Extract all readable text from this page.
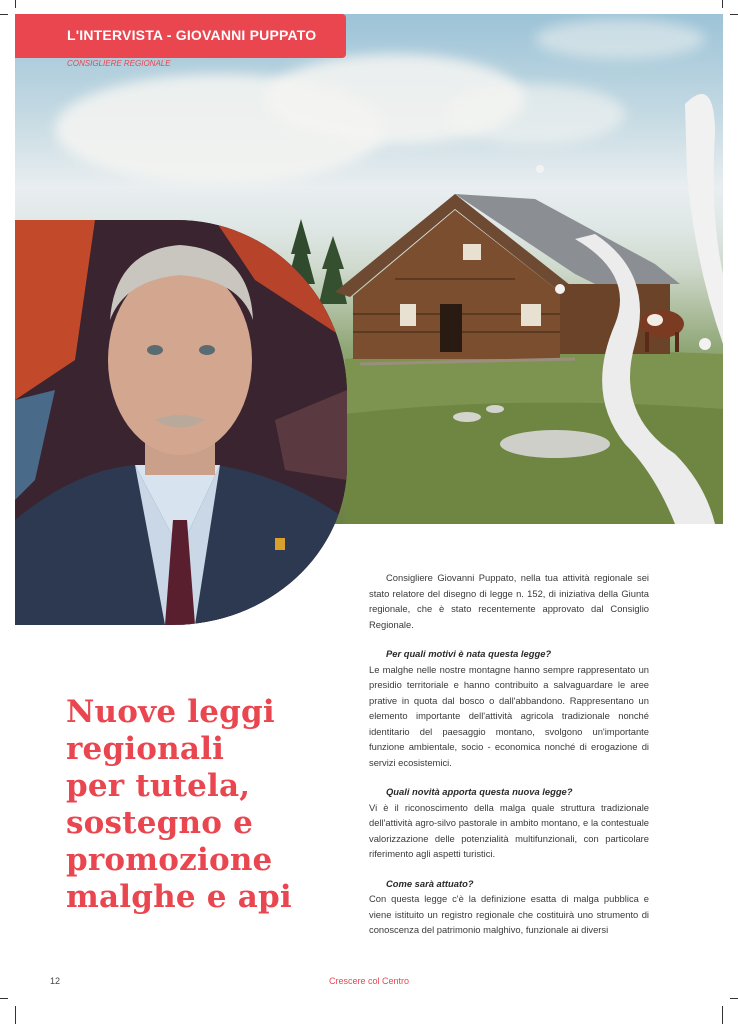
L'INTERVISTA - GIOVANNI PUPPATO
CONSIGLIERE REGIONALE
Nuove leggi
regionali
per tutela,
sostegno e
promozione
malghe e api

Consigliere Giovanni Puppato, nella tua attività regionale sei stato relatore del disegno di legge n. 152, di iniziativa della Giunta regionale, che è stato recentemente approvato dal Consiglio Regionale.

Per quali motivi è nata questa legge?

Le malghe nelle nostre montagne hanno sempre rappresentato un presidio territoriale e hanno contribuito a salvaguardare le aree prative in quota dal bosco o dall'abbandono. Rappresentano un elemento importante dell'attività agricola tradizionale nonché identitario del paesaggio montano, svolgono un'importante funzione ambientale, socio - economica nonché di erogazione di servizi ecosistemici.

Quali novità apporta questa nuova legge?

Vi è il riconoscimento della malga quale struttura tradizionale dell'attività agro-silvo pastorale in ambito montano, e la contestuale valorizzazione delle potenzialità multifunzionali, con particolare riferimento agli aspetti turistici.

Come sarà attuato?

Con questa legge c'è la definizione esatta di malga pubblica e viene istituito un registro regionale che costituirà uno strumento di conoscenza del patrimonio malghivo, funzionale ai diversi

12	Crescere col Centro
